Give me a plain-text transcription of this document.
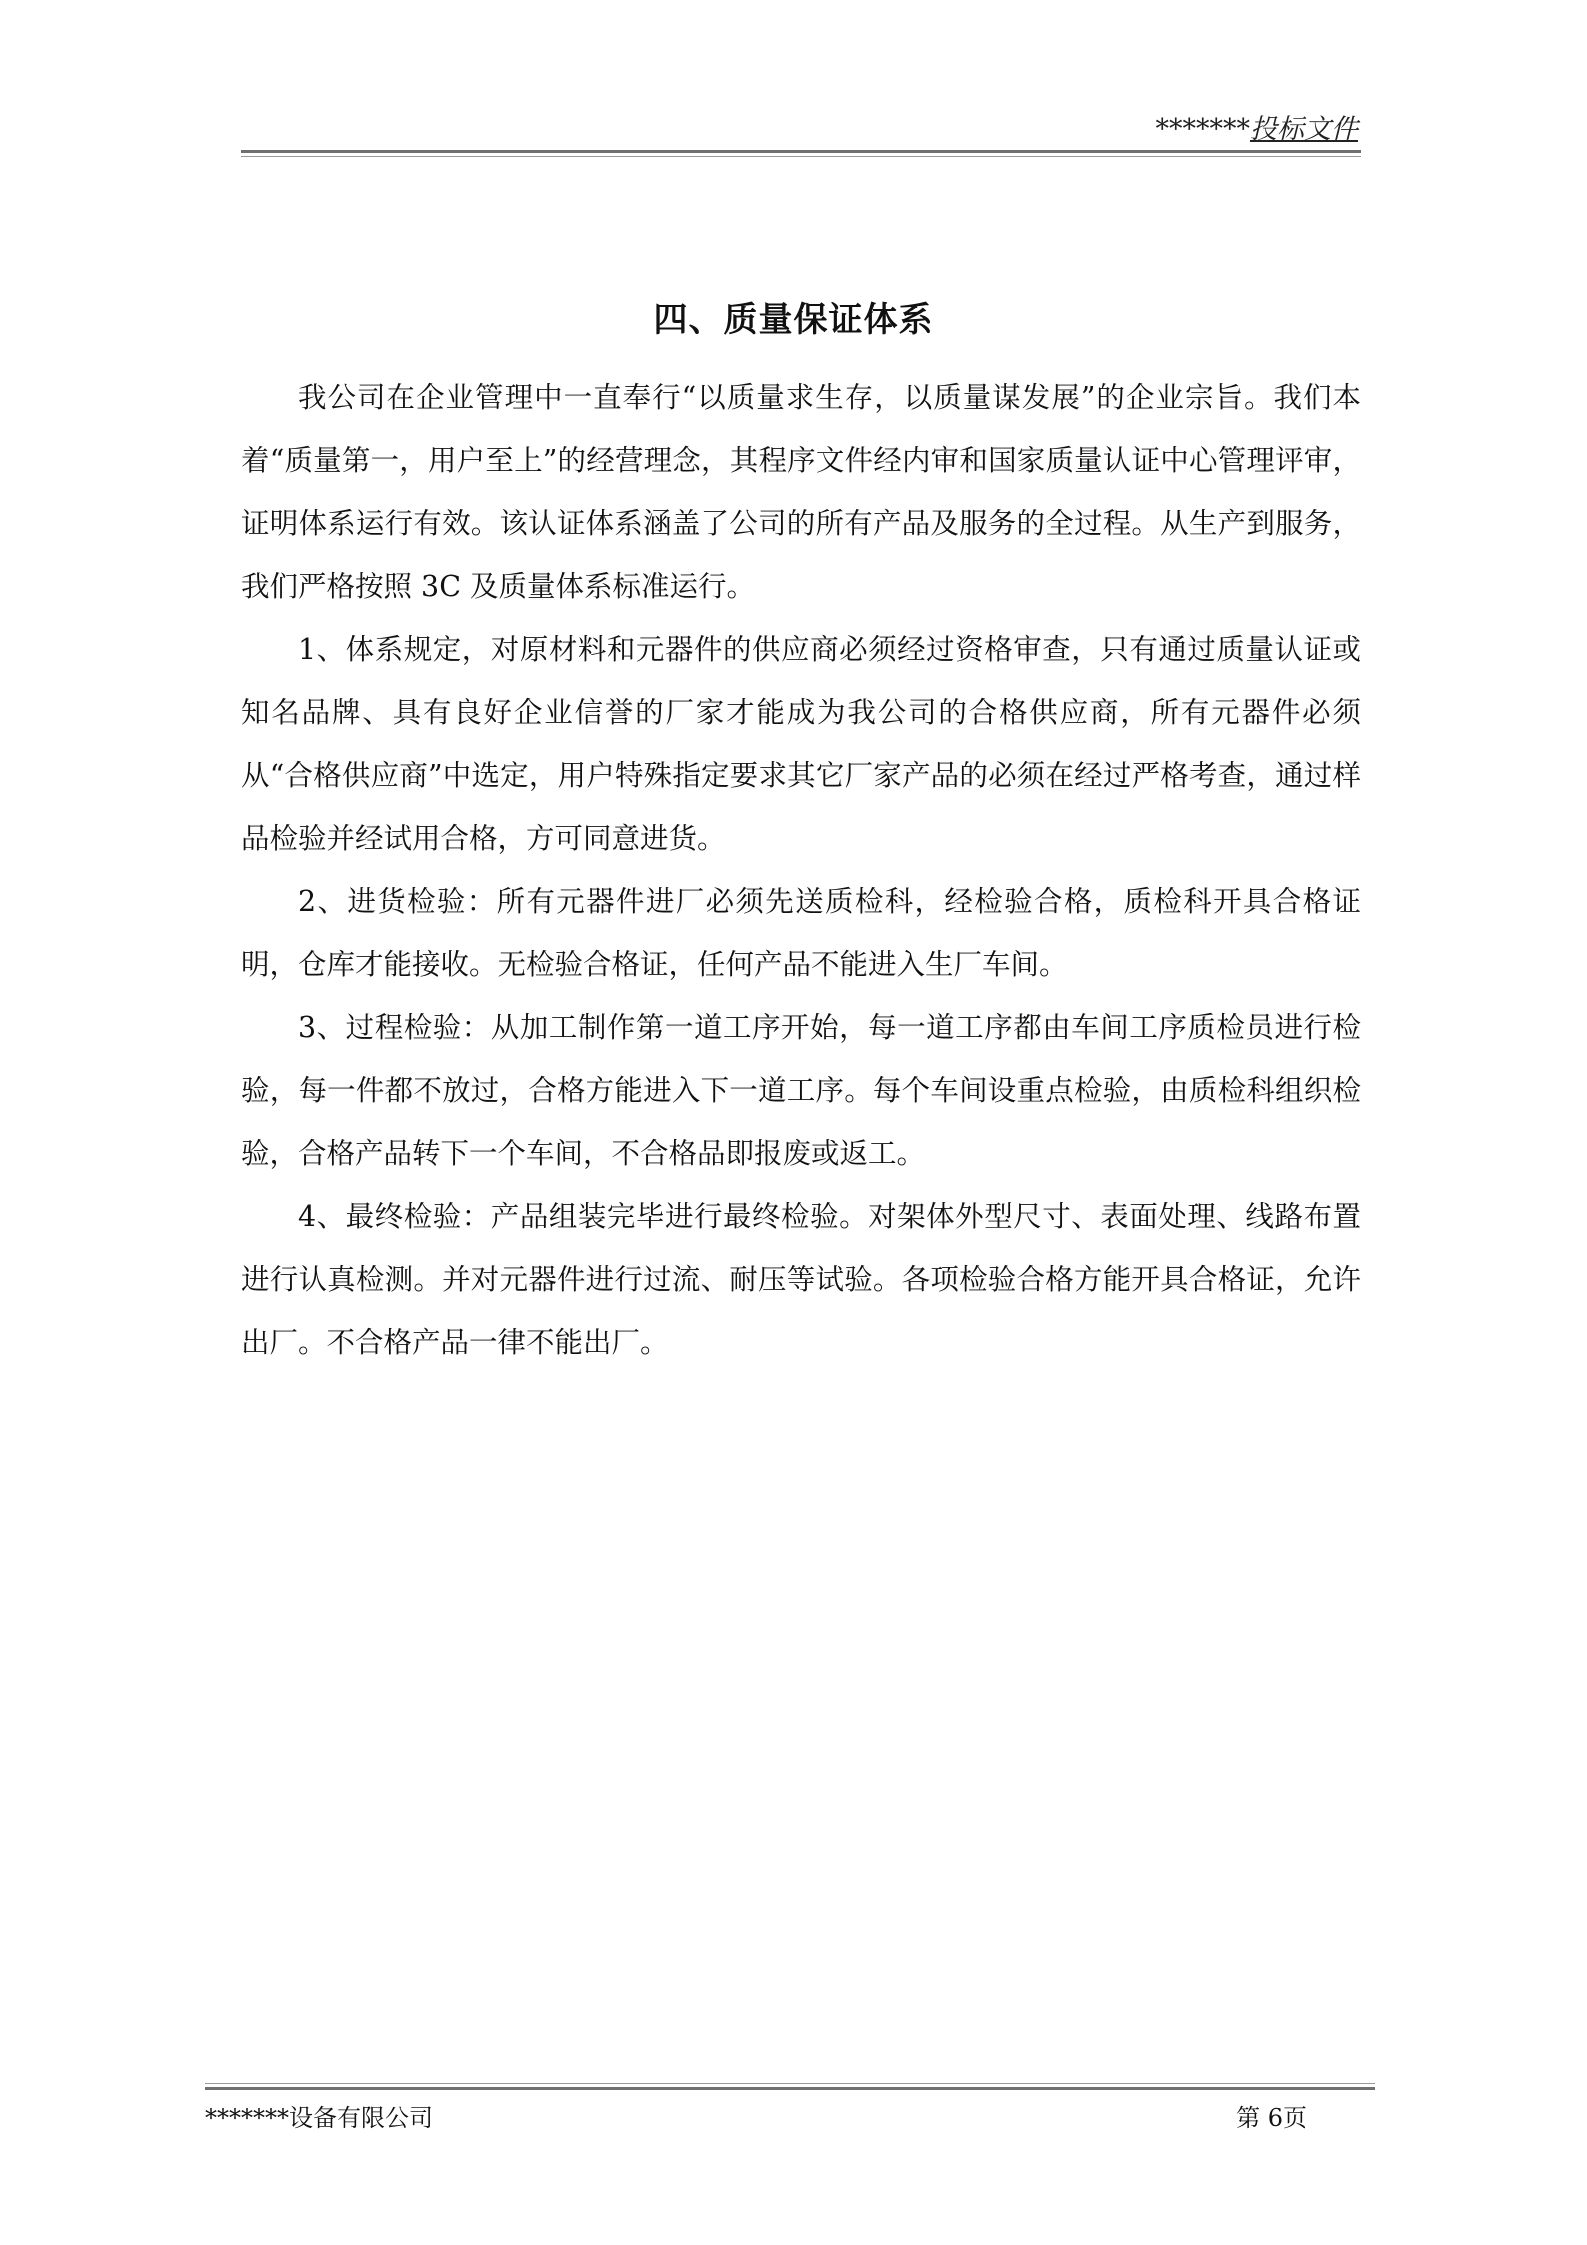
*******投标文件
四、质量保证体系

我公司在企业管理中一直奉行“以质量求生存，以质量谋发展”的企业宗旨。我们本着“质量第一，用户至上”的经营理念，其程序文件经内审和国家质量认证中心管理评审，证明体系运行有效。该认证体系涵盖了公司的所有产品及服务的全过程。从生产到服务，我们严格按照 3C 及质量体系标准运行。

1、体系规定，对原材料和元器件的供应商必须经过资格审查，只有通过质量认证或知名品牌、具有良好企业信誉的厂家才能成为我公司的合格供应商，所有元器件必须从“合格供应商”中选定，用户特殊指定要求其它厂家产品的必须在经过严格考查，通过样品检验并经试用合格，方可同意进货。

2、进货检验：所有元器件进厂必须先送质检科，经检验合格，质检科开具合格证明，仓库才能接收。无检验合格证，任何产品不能进入生厂车间。

3、过程检验：从加工制作第一道工序开始，每一道工序都由车间工序质检员进行检验，每一件都不放过，合格方能进入下一道工序。每个车间设重点检验，由质检科组织检验，合格产品转下一个车间，不合格品即报废或返工。

4、最终检验：产品组装完毕进行最终检验。对架体外型尺寸、表面处理、线路布置进行认真检测。并对元器件进行过流、耐压等试验。各项检验合格方能开具合格证，允许出厂。不合格产品一律不能出厂。

*******设备有限公司	第 6页
